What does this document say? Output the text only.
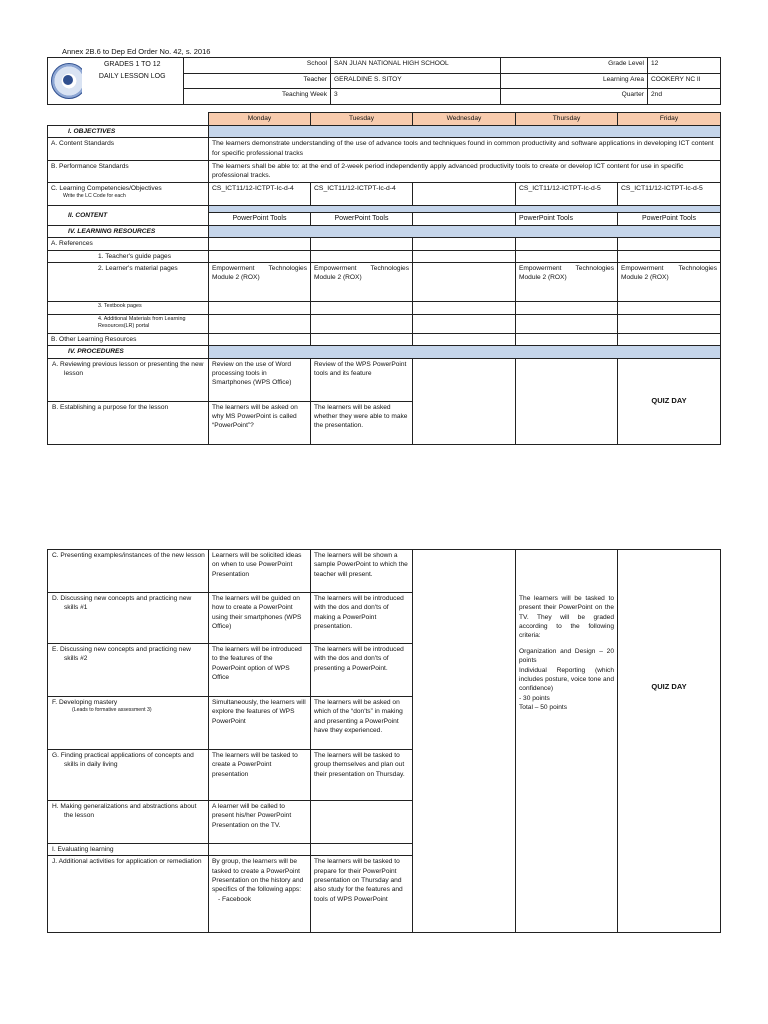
Annex 2B.6 to Dep Ed Order No. 42, s. 2016

	GRADES 1 TO 12
DAILY LESSON LOG	School	SAN JUAN NATIONAL HIGH SCHOOL	Grade Level	12
		Teacher	GERALDINE S. SITOY	Learning Area	COOKERY NC II
		Teaching Week	3	Quarter	2nd
	Monday	Tuesday	Wednesday	Thursday	Friday
I. OBJECTIVES					
A. Content Standards	The learners demonstrate understanding of the use of advance tools and techniques found in common productivity and software applications in developing ICT content for specific professional tracks				
B. Performance Standards	The learners shall be able to: at the end of 2-week period independently apply advanced productivity tools to create or develop ICT content for use in specific professional tracks.				
C. Learning Competencies/Objectives
Write the LC Code for each	CS_ICT11/12-ICTPT-Ic-d-4	CS_ICT11/12-ICTPT-Ic-d-4		CS_ICT11/12-ICTPT-Ic-d-5	CS_ICT11/12-ICTPT-Ic-d-5
II. CONTENT					
	PowerPoint Tools	PowerPoint Tools		PowerPoint Tools	PowerPoint Tools
IV. LEARNING RESOURCES					
A. References					
1. Teacher's guide pages					
2. Learner's material pages	Empowerment Technologies Module 2 (ROX)	Empowerment Technologies Module 2 (ROX)		Empowerment Technologies Module 2 (ROX)	Empowerment Technologies Module 2 (ROX)
3. Textbook pages					
4. Additional Materials from Learning Resources(LR) portal					
B. Other Learning Resources					
IV. PROCEDURES					
A. Reviewing previous lesson or presenting the new lesson	Review on the use of Word processing tools in Smartphones (WPS Office)	Review of the WPS PowerPoint tools and its feature			QUIZ DAY
B. Establishing a purpose for the lesson	The learners will be asked on why MS PowerPoint is called “PowerPoint”?	The learners will be asked whether they were able to make the presentation.			
C. Presenting examples/instances of the new lesson	Learners will be solicited ideas on when to use PowerPoint Presentation	The learners will be shown a sample PowerPoint to which the teacher will present.		The learners will be tasked to present their PowerPoint on the TV. They will be graded according to the following criteria:
Organization and Design – 20 points
Individual Reporting (which includes posture, voice tone and confidence)
- 30 points
Total – 50 points	QUIZ DAY
D. Discussing new concepts and practicing new skills #1	The learners will be guided on how to create a PowerPoint using their smartphones (WPS Office)	The learners will be introduced with the dos and don'ts of making a PowerPoint presentation.			
E. Discussing new concepts and practicing new skills #2	The learners will be introduced to the features of the PowerPoint option of WPS Office	The learners will be introduced with the dos and don'ts of presenting a PowerPoint.			
F. Developing mastery
(Leads to formative assessment 3)	Simultaneously, the learners will explore the features of WPS PowerPoint	The learners will be asked on which of the “don'ts” in making and presenting a PowerPoint have they experienced.			
G. Finding practical applications of concepts and skills in daily living	The learners will be tasked to create a PowerPoint presentation	The learners will be tasked to group themselves and plan out their presentation on Thursday.			
H. Making generalizations and abstractions about the lesson	A learner will be called to present his/her PowerPoint Presentation on the TV.				
I. Evaluating learning					
J. Additional activities for application or remediation	By group, the learners will be tasked to create a PowerPoint Presentation on the history and specifics of the following apps:
- Facebook	The learners will be tasked to prepare for their PowerPoint presentation on Thursday and also study for the features and tools of WPS PowerPoint			
